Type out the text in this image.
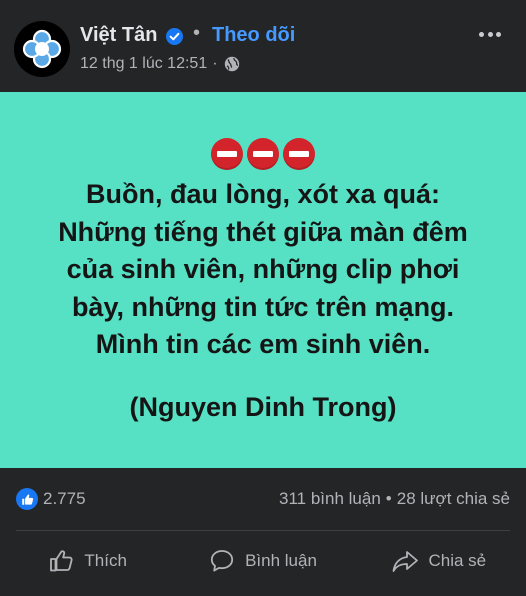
Việt Tân • Theo dõi
12 thg 1 lúc 12:51 ·
Buồn, đau lòng, xót xa quá:
Những tiếng thét giữa màn đêm
của sinh viên, những clip phơi
bày, những tin tức trên mạng.
Mình tin các em sinh viên.
(Nguyen Dinh Trong)
2.775	311 bình luận • 28 lượt chia sẻ
Thích	Bình luận	Chia sẻ
